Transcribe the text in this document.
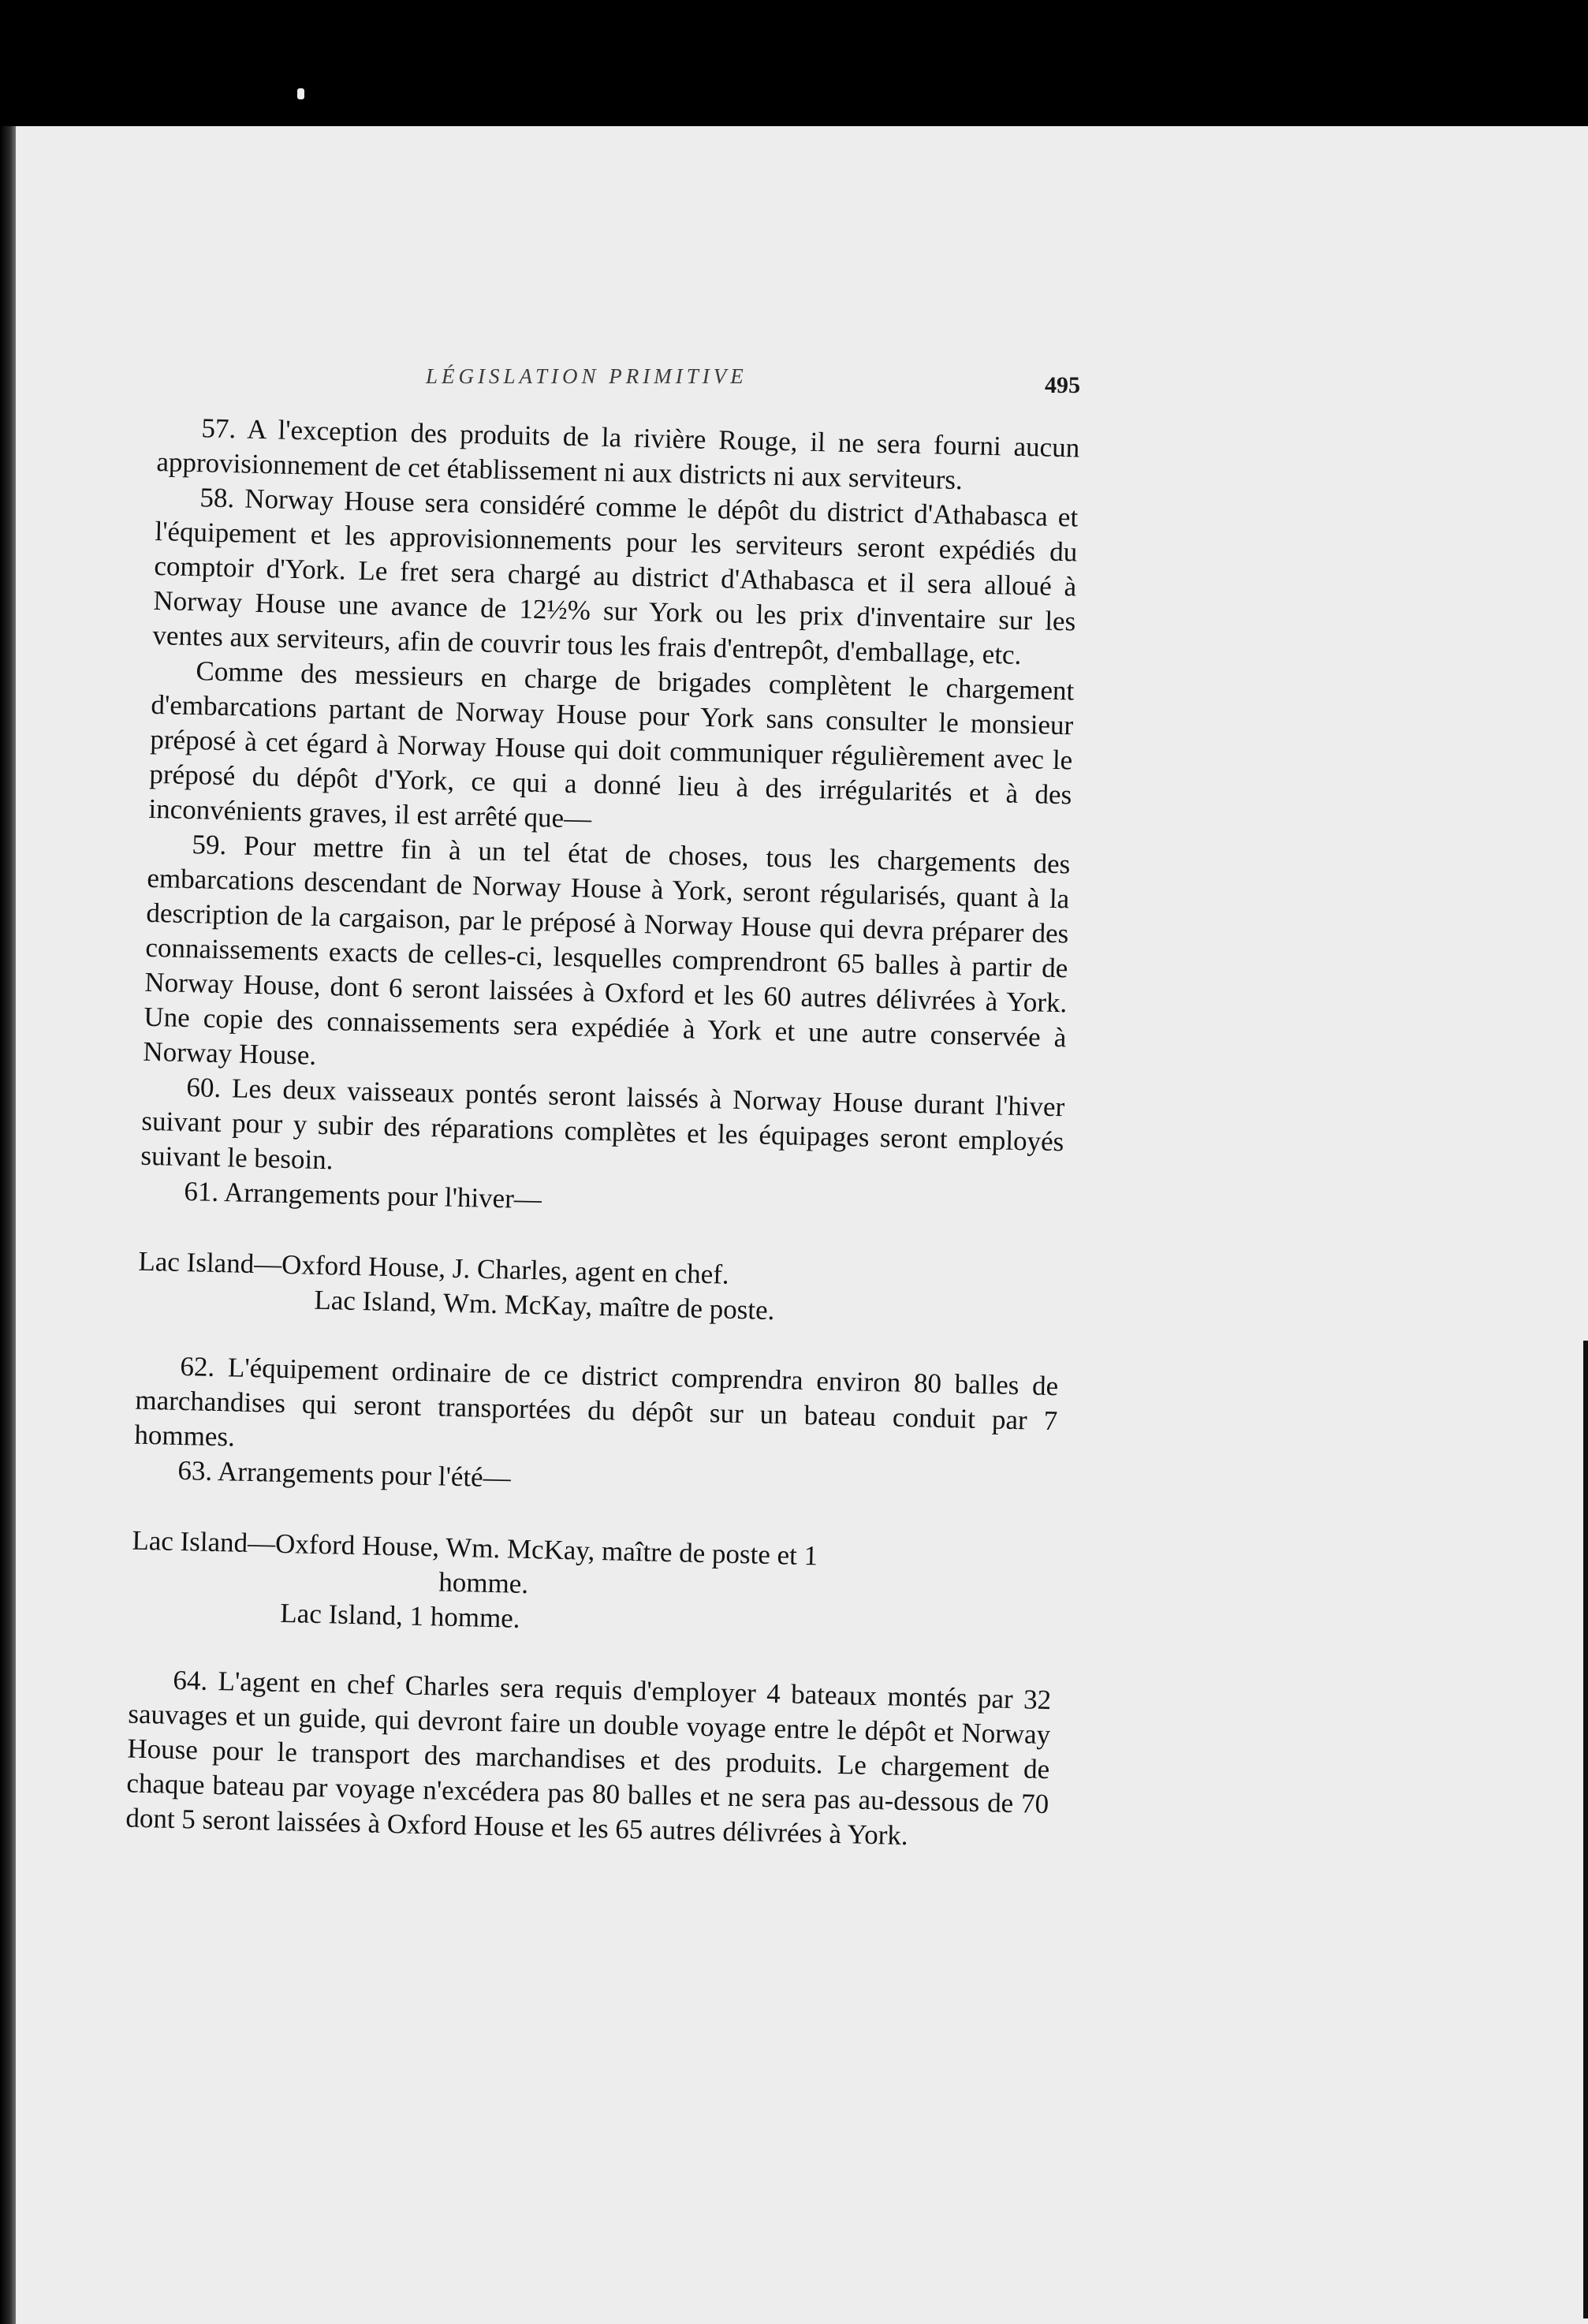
LÉGISLATION PRIMITIVE	495

57. A l'exception des produits de la rivière Rouge, il ne sera fourni aucun approvisionnement de cet établissement ni aux districts ni aux serviteurs.

58. Norway House sera considéré comme le dépôt du district d'Athabasca et l'équipement et les approvisionnements pour les serviteurs seront expédiés du comptoir d'York. Le fret sera chargé au district d'Athabasca et il sera alloué à Norway House une avance de 12½% sur York ou les prix d'inventaire sur les ventes aux serviteurs, afin de couvrir tous les frais d'entrepôt, d'emballage, etc.

Comme des messieurs en charge de brigades complètent le chargement d'embarcations partant de Norway House pour York sans consulter le monsieur préposé à cet égard à Norway House qui doit communiquer régulièrement avec le préposé du dépôt d'York, ce qui a donné lieu à des irrégularités et à des inconvénients graves, il est arrêté que—

59. Pour mettre fin à un tel état de choses, tous les chargements des embarcations descendant de Norway House à York, seront régularisés, quant à la description de la cargaison, par le préposé à Norway House qui devra préparer des connaissements exacts de celles-ci, lesquelles comprendront 65 balles à partir de Norway House, dont 6 seront laissées à Oxford et les 60 autres délivrées à York. Une copie des connaissements sera expédiée à York et une autre conservée à Norway House.

60. Les deux vaisseaux pontés seront laissés à Norway House durant l'hiver suivant pour y subir des réparations complètes et les équipages seront employés suivant le besoin.

61. Arrangements pour l'hiver—

Lac Island—Oxford House, J. Charles, agent en chef.
Lac Island, Wm. McKay, maître de poste.

62. L'équipement ordinaire de ce district comprendra environ 80 balles de marchandises qui seront transportées du dépôt sur un bateau conduit par 7 hommes.

63. Arrangements pour l'été—

Lac Island—Oxford House, Wm. McKay, maître de poste et 1
homme.
Lac Island, 1 homme.

64. L'agent en chef Charles sera requis d'employer 4 bateaux montés par 32 sauvages et un guide, qui devront faire un double voyage entre le dépôt et Norway House pour le transport des marchandises et des produits. Le chargement de chaque bateau par voyage n'excédera pas 80 balles et ne sera pas au-dessous de 70 dont 5 seront laissées à Oxford House et les 65 autres délivrées à York.
